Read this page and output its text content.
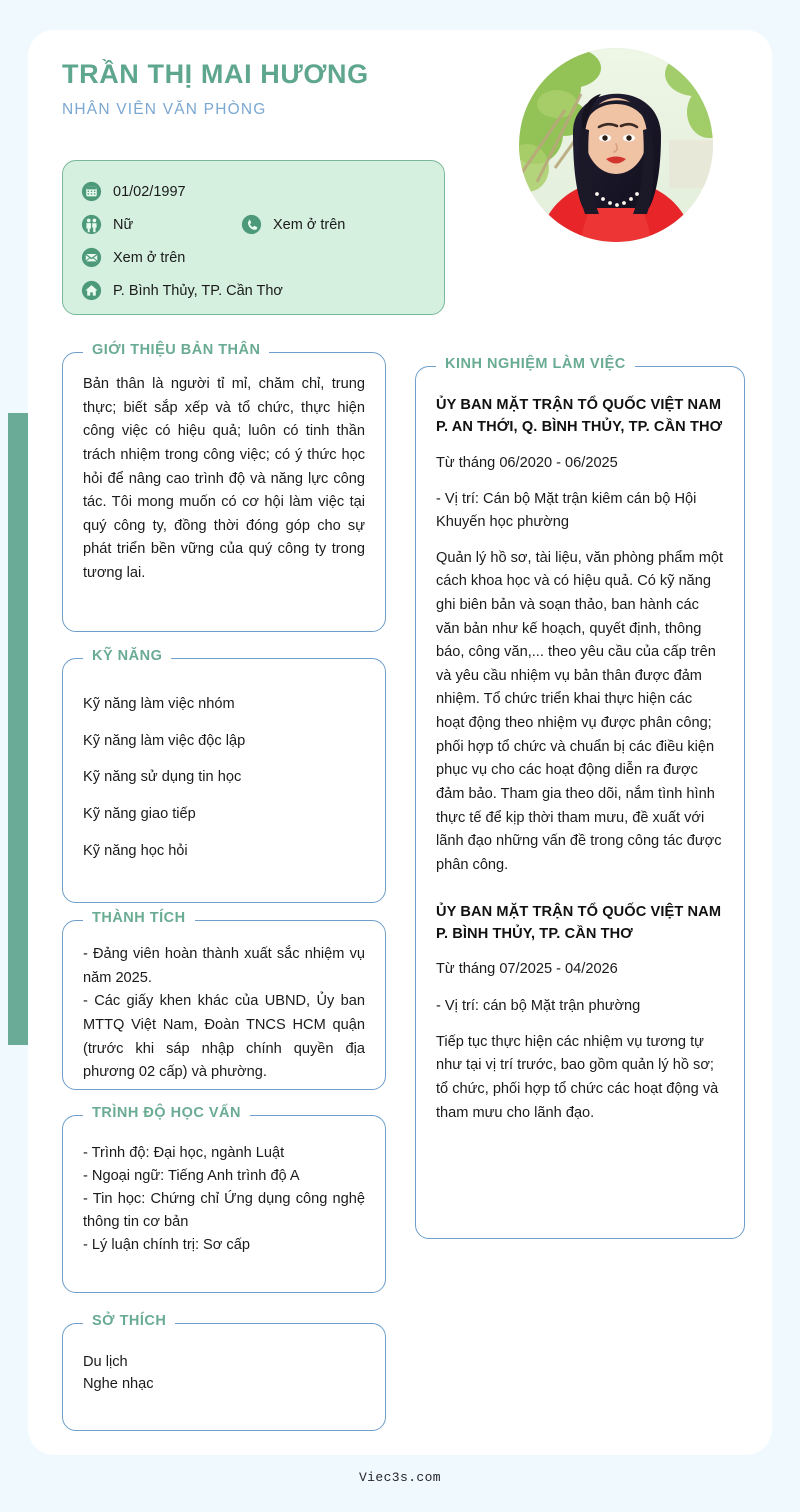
TRẦN THỊ MAI HƯƠNG
NHÂN VIÊN VĂN PHÒNG
01/02/1997
Nữ	Xem ở trên
Xem ở trên
P. Bình Thủy, TP. Cần Thơ
GIỚI THIỆU BẢN THÂN
Bản thân là người tỉ mỉ, chăm chỉ, trung thực; biết sắp xếp và tổ chức, thực hiện công việc có hiệu quả; luôn có tinh thần trách nhiệm trong công việc; có ý thức học hỏi để nâng cao trình độ và năng lực công tác. Tôi mong muốn có cơ hội làm việc tại quý công ty, đồng thời đóng góp cho sự phát triển bền vững của quý công ty trong tương lai.
KỸ NĂNG
Kỹ năng làm việc nhóm
Kỹ năng làm việc độc lập
Kỹ năng sử dụng tin học
Kỹ năng giao tiếp
Kỹ năng học hỏi
THÀNH TÍCH
- Đảng viên hoàn thành xuất sắc nhiệm vụ năm 2025.
- Các giấy khen khác của UBND, Ủy ban MTTQ Việt Nam, Đoàn TNCS HCM quận (trước khi sáp nhập chính quyền địa phương 02 cấp) và phường.
TRÌNH ĐỘ HỌC VẤN
- Trình độ: Đại học, ngành Luật
- Ngoại ngữ: Tiếng Anh trình độ A
- Tin học: Chứng chỉ Ứng dụng công nghệ thông tin cơ bản
- Lý luận chính trị: Sơ cấp
SỞ THÍCH
Du lịch
Nghe nhạc
KINH NGHIỆM LÀM VIỆC
ỦY BAN MẶT TRẬN TỔ QUỐC VIỆT NAM P. AN THỚI, Q. BÌNH THỦY, TP. CẦN THƠ
Từ tháng 06/2020 - 06/2025
- Vị trí: Cán bộ Mặt trận kiêm cán bộ Hội Khuyến học phường
Quản lý hồ sơ, tài liệu, văn phòng phẩm một cách khoa học và có hiệu quả. Có kỹ năng ghi biên bản và soạn thảo, ban hành các văn bản như kế hoạch, quyết định, thông báo, công văn,... theo yêu cầu của cấp trên và yêu cầu nhiệm vụ bản thân được đảm nhiệm. Tổ chức triển khai thực hiện các hoạt động theo nhiệm vụ được phân công; phối hợp tổ chức và chuẩn bị các điều kiện phục vụ cho các hoạt động diễn ra được đảm bảo. Tham gia theo dõi, nắm tình hình thực tế để kịp thời tham mưu, đề xuất với lãnh đạo những vấn đề trong công tác được phân công.
ỦY BAN MẶT TRẬN TỔ QUỐC VIỆT NAM P. BÌNH THỦY, TP. CẦN THƠ
Từ tháng 07/2025 - 04/2026
- Vị trí: cán bộ Mặt trận phường
Tiếp tục thực hiện các nhiệm vụ tương tự như tại vị trí trước, bao gồm quản lý hồ sơ; tổ chức, phối hợp tổ chức các hoạt động và tham mưu cho lãnh đạo.
Viec3s.com
